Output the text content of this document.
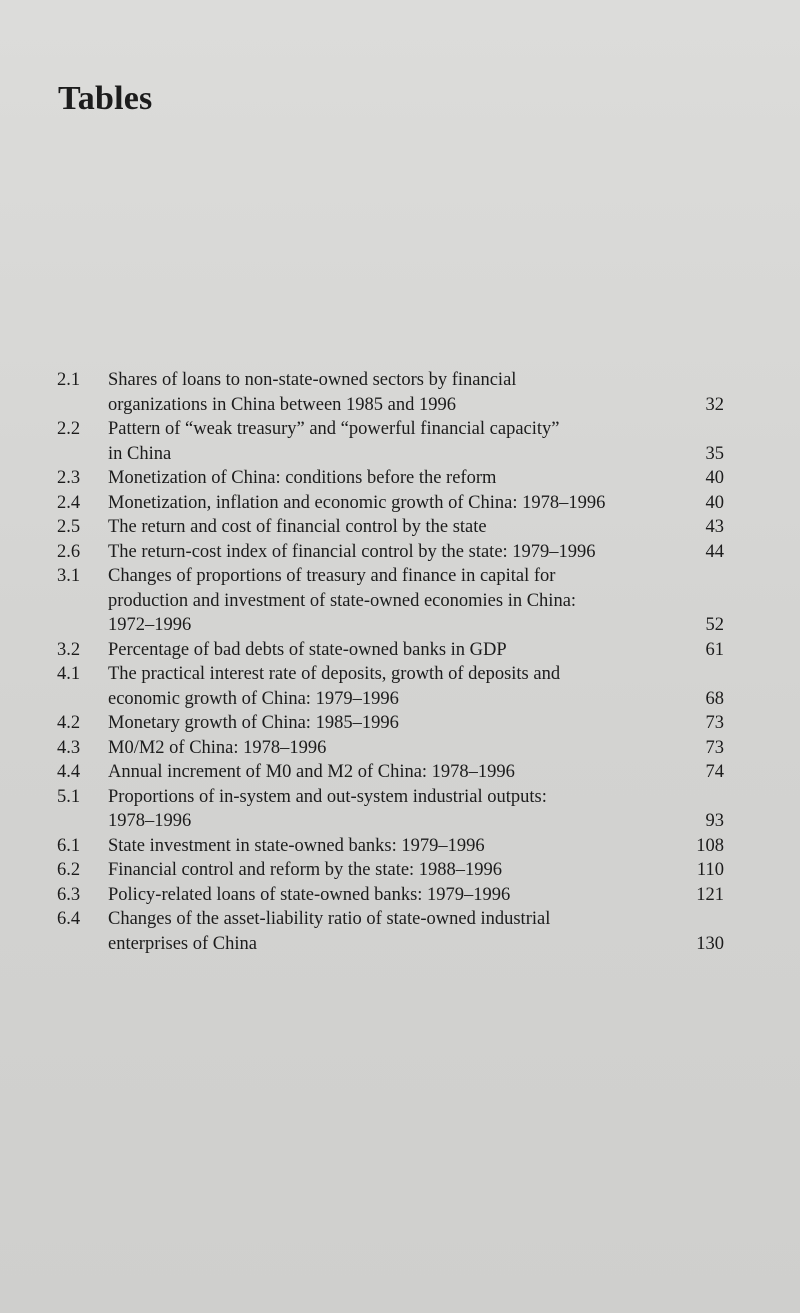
Tables
2.1	Shares of loans to non-state-owned sectors by financial
organizations in China between 1985 and 1996	32
2.2	Pattern of “weak treasury” and “powerful financial capacity”
in China	35
2.3	Monetization of China: conditions before the reform	40
2.4	Monetization, inflation and economic growth of China: 1978–1996	40
2.5	The return and cost of financial control by the state	43
2.6	The return-cost index of financial control by the state: 1979–1996	44
3.1	Changes of proportions of treasury and finance in capital for
production and investment of state-owned economies in China:
1972–1996	52
3.2	Percentage of bad debts of state-owned banks in GDP	61
4.1	The practical interest rate of deposits, growth of deposits and
economic growth of China: 1979–1996	68
4.2	Monetary growth of China: 1985–1996	73
4.3	M0/M2 of China: 1978–1996	73
4.4	Annual increment of M0 and M2 of China: 1978–1996	74
5.1	Proportions of in-system and out-system industrial outputs:
1978–1996	93
6.1	State investment in state-owned banks: 1979–1996	108
6.2	Financial control and reform by the state: 1988–1996	110
6.3	Policy-related loans of state-owned banks: 1979–1996	121
6.4	Changes of the asset-liability ratio of state-owned industrial
enterprises of China	130
